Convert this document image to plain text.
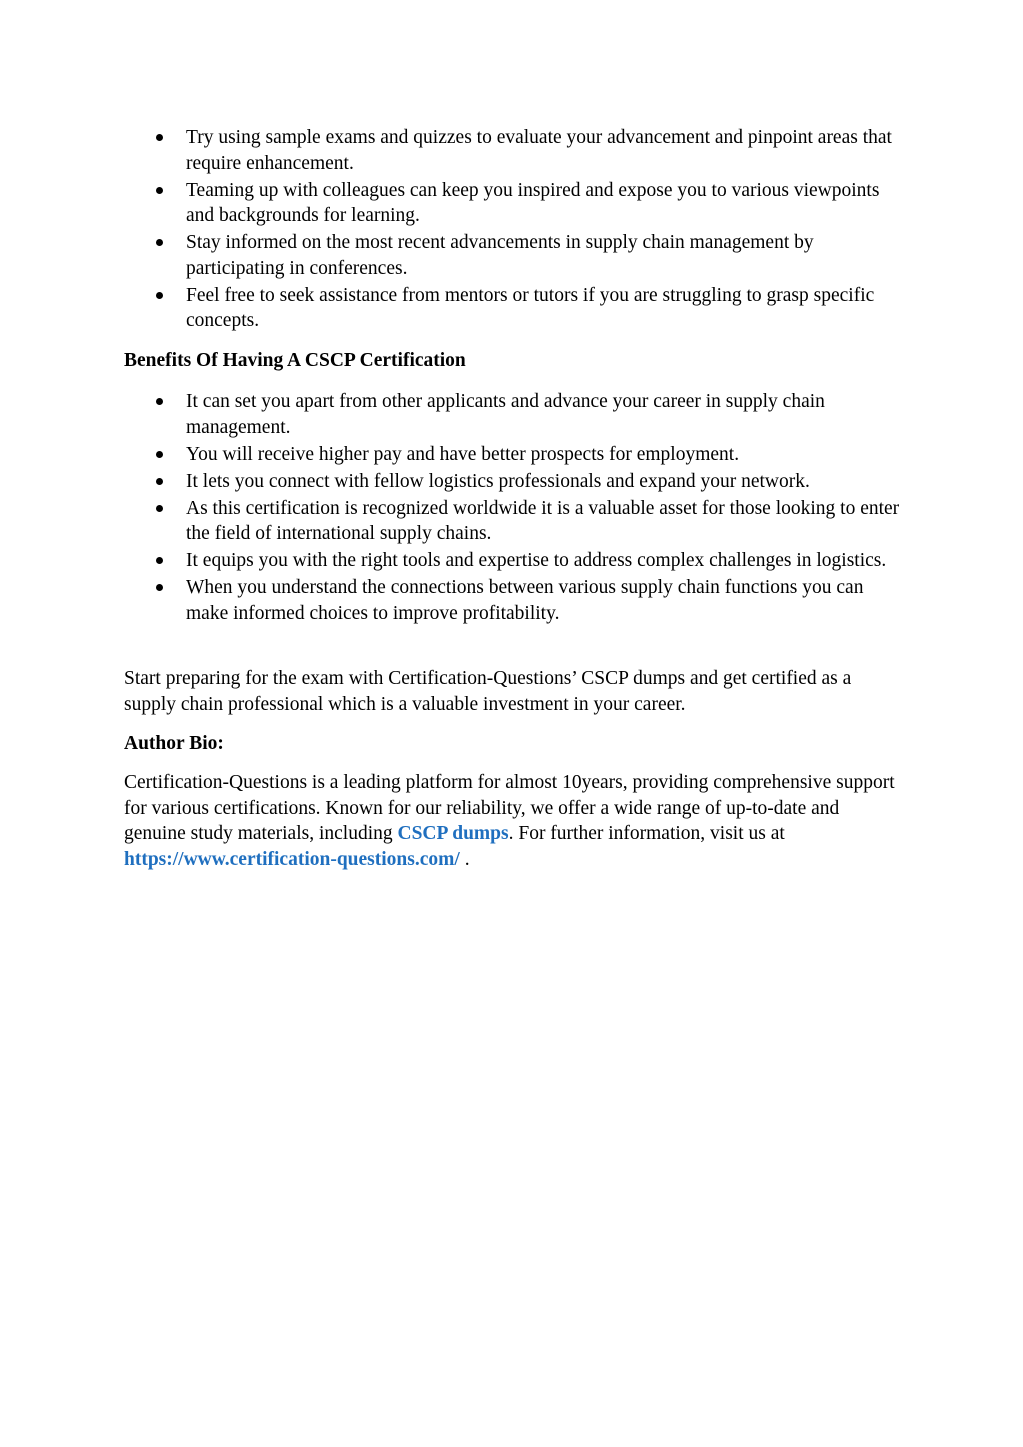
Try using sample exams and quizzes to evaluate your advancement and pinpoint areas that require enhancement.
Teaming up with colleagues can keep you inspired and expose you to various viewpoints and backgrounds for learning.
Stay informed on the most recent advancements in supply chain management by participating in conferences.
Feel free to seek assistance from mentors or tutors if you are struggling to grasp specific concepts.
Benefits Of Having A CSCP Certification
It can set you apart from other applicants and advance your career in supply chain management.
You will receive higher pay and have better prospects for employment.
It lets you connect with fellow logistics professionals and expand your network.
As this certification is recognized worldwide it is a valuable asset for those looking to enter the field of international supply chains.
It equips you with the right tools and expertise to address complex challenges in logistics.
When you understand the connections between various supply chain functions you can make informed choices to improve profitability.

Start preparing for the exam with Certification-Questions’ CSCP dumps and get certified as a supply chain professional which is a valuable investment in your career.

Author Bio:

Certification-Questions is a leading platform for almost 10years, providing comprehensive support for various certifications. Known for our reliability, we offer a wide range of up-to-date and genuine study materials, including CSCP dumps. For further information, visit us at https://www.certification-questions.com/ .
